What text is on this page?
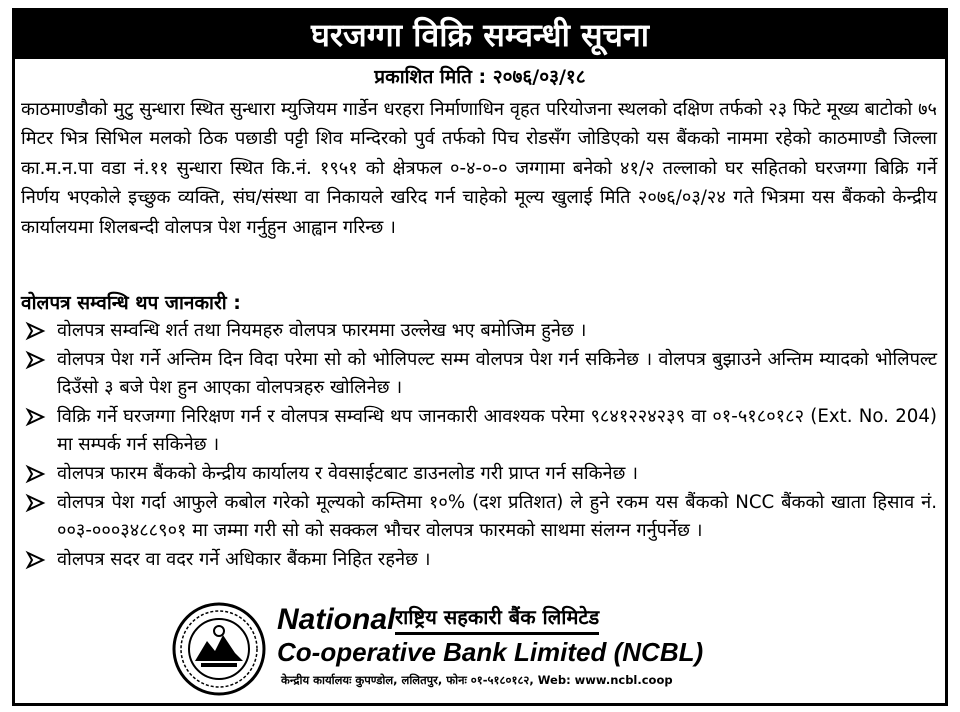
घरजग्गा विक्रि सम्वन्धी सूचना
प्रकाशित मिति : २०७६/०३/१८
काठमाण्डौको मुटु सुन्धारा स्थित सुन्धारा म्युजियम गार्डेन धरहरा निर्माणाधिन वृहत परियोजना स्थलको दक्षिण तर्फको २३ फिटे मूख्य बाटोको ७५ मिटर भित्र सिभिल मलको ठिक पछाडी पट्टी शिव मन्दिरको पुर्व तर्फको पिच रोडसँग जोडिएको यस बैंकको नाममा रहेको काठमाण्डौ जिल्ला का.म.न.पा वडा नं.११ सुन्धारा स्थित कि.नं. १९५१ को क्षेत्रफल ०-४-०-० जग्गामा बनेको ४१/२ तल्लाको घर सहितको घरजग्गा बिक्रि गर्ने निर्णय भएकोले इच्छुक व्यक्ति, संघ/संस्था वा निकायले खरिद गर्न चाहेको मूल्य खुलाई मिति २०७६/०३/२४ गते भित्रमा यस बैंकको केन्द्रीय कार्यालयमा शिलबन्दी वोलपत्र पेश गर्नुहुन आह्वान गरिन्छ ।
वोलपत्र सम्वन्धि थप जानकारी :
वोलपत्र सम्वन्धि शर्त तथा नियमहरु वोलपत्र फारममा उल्लेख भए बमोजिम हुनेछ ।
वोलपत्र पेश गर्ने अन्तिम दिन विदा परेमा सो को भोलिपल्ट सम्म वोलपत्र पेश गर्न सकिनेछ । वोलपत्र बुझाउने अन्तिम म्यादको भोलिपल्ट दिउँसो ३ बजे पेश हुन आएका वोलपत्रहरु खोलिनेछ ।
विक्रि गर्ने घरजग्गा निरिक्षण गर्न र वोलपत्र सम्वन्धि थप जानकारी आवश्यक परेमा ९८४१२२४२३९ वा ०१-५१८०१८२ (Ext. No. 204) मा सम्पर्क गर्न सकिनेछ ।
वोलपत्र फारम बैंकको केन्द्रीय कार्यालय र वेवसाईटबाट डाउनलोड गरी प्राप्त गर्न सकिनेछ ।
वोलपत्र पेश गर्दा आफुले कबोल गरेको मूल्यको कम्तिमा १०% (दश प्रतिशत) ले हुने रकम यस बैंकको NCC बैंकको खाता हिसाव नं. ००३-०००३४८८९०१ मा जम्मा गरी सो को सक्कल भौचर वोलपत्र फारमको साथमा संलग्न गर्नुपर्नेछ ।
वोलपत्र सदर वा वदर गर्ने अधिकार बैंकमा निहित रहनेछ ।
National राष्ट्रिय सहकारी बैंक लिमिटेड
Co-operative Bank Limited (NCBL)
केन्द्रीय कार्यालयः कुपण्डोल, ललितपुर, फोनः ०१-५१८०१८२, Web: www.ncbl.coop
